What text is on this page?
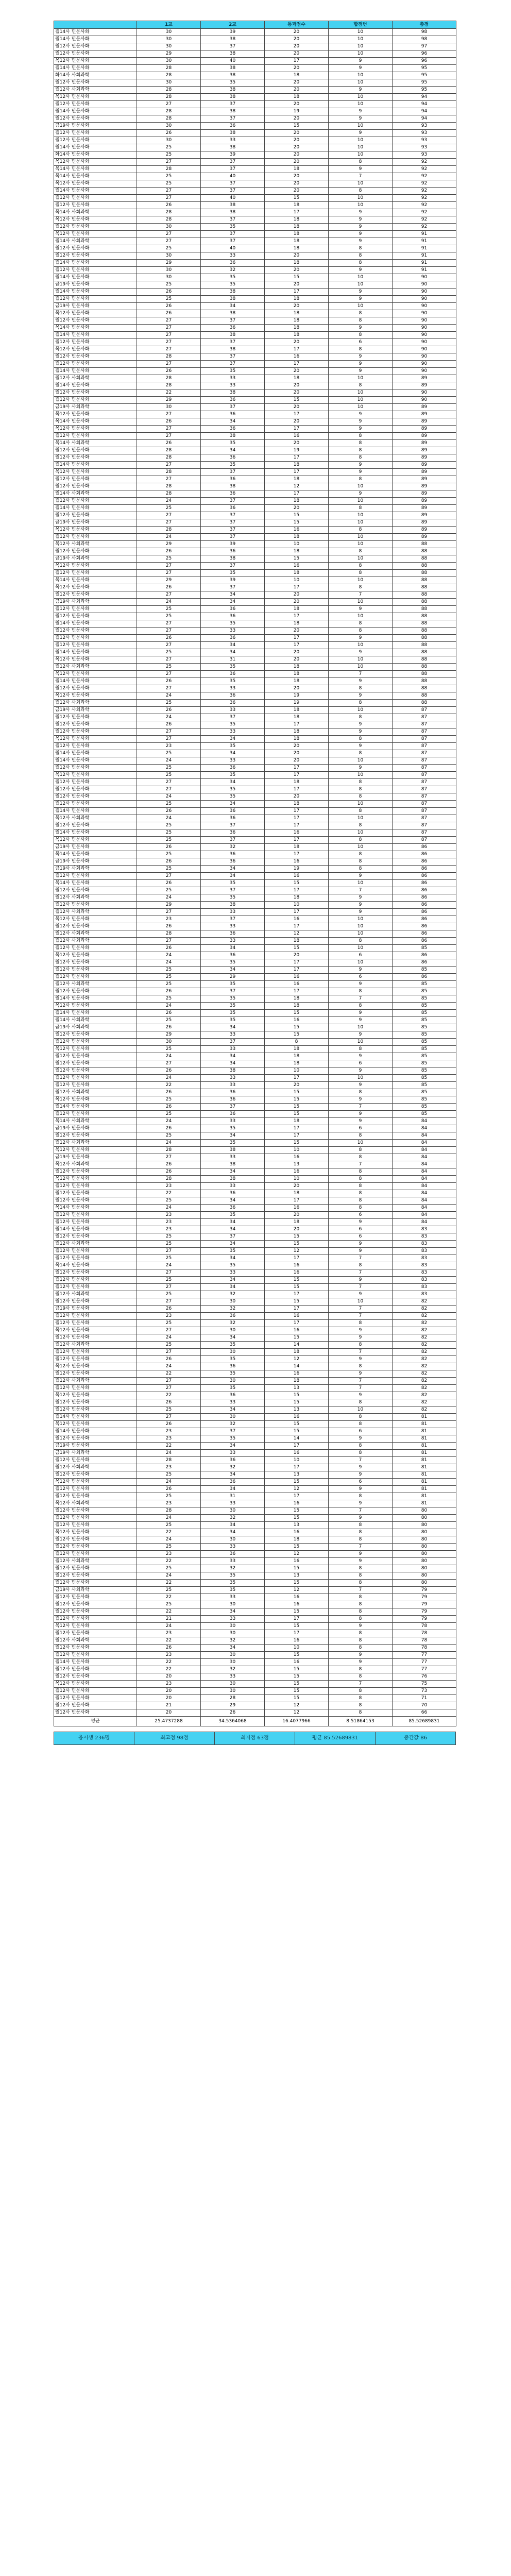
	1교	2교	통과점수	합점번	총점
월14사 민문사화	30	39	20	10	98
월14사 민문사화	30	38	20	10	98
월12사 민문사화	30	37	20	10	97
월12사 민문사화	29	38	20	10	96
목12사 민문사화	30	40	17	9	96
월14사 민문사화	28	38	20	9	95
화14사 사회과학	28	38	18	10	95
월12사 민문사화	30	35	20	10	95
월12사 사회과학	28	38	20	9	95
목12사 민문사화	28	38	18	10	94
월12사 민문사화	27	37	20	10	94
월14사 민문사화	28	38	19	9	94
월12사 민문사화	28	37	20	9	94
금19사 민문사화	30	36	15	10	93
월12사 민문사화	26	38	20	9	93
월12사 민문사화	30	33	20	10	93
월14사 민문사화	25	38	20	10	93
화14사 민문사화	25	39	20	10	93
목12사 민문사화	27	37	20	8	92
목14사 민문사화	28	37	18	9	92
목14사 민문사화	25	40	20	7	92
목12사 민문사화	25	37	20	10	92
월14사 민문사화	27	37	20	8	92
월12사 민문사화	27	40	15	10	92
월12사 민문사화	26	38	18	10	92
목14사 사회과학	28	38	17	9	92
목12사 민문사화	28	37	18	9	92
월12사 민문사화	30	35	18	9	92
목12사 민문사화	27	37	18	9	91
월14사 사회과학	27	37	18	9	91
월12사 민문사화	25	40	18	8	91
월12사 민문사화	30	33	20	8	91
월14사 민문사화	29	36	18	8	91
월12사 민문사화	30	32	20	9	91
월14사 민문사화	30	35	15	10	90
금19사 민문사화	25	35	20	10	90
월14사 민문사화	26	38	17	9	90
월12사 민문사화	25	38	18	9	90
금19사 민문사화	26	34	20	10	90
목12사 민문사화	26	38	18	8	90
월12사 민문사화	27	37	18	8	90
목14사 민문사화	27	36	18	9	90
월14사 민문사화	27	38	18	8	90
월12사 민문사화	27	37	20	6	90
목12사 민문사화	27	38	17	8	90
월12사 민문사화	28	37	16	9	90
월12사 민문사화	27	37	17	9	90
월14사 민문사화	26	35	20	9	90
월12사 사회과학	28	33	18	10	89
월14사 민문사화	28	33	20	8	89
월12사 민문사화	22	38	20	10	90
월12사 민문사화	29	36	15	10	90
금19사 사회과학	30	37	20	10	89
목12사 민문사화	27	36	17	9	89
목14사 민문사화	26	34	20	9	89
목12사 민문사화	27	36	17	9	89
월12사 민문사화	27	38	16	8	89
목14사 사회과학	26	35	20	8	89
월12사 민문사화	28	34	19	8	89
월12사 민문사화	28	36	17	8	89
월14사 민문사화	27	35	18	9	89
목12사 민문사화	28	37	17	9	89
월12사 민문사화	27	36	18	8	89
월12사 민문사화	28	38	12	10	89
월14사 사회과학	28	36	17	9	89
월12사 민문사화	24	37	18	10	89
월14사 민문사화	25	36	20	8	89
월12사 민문사화	27	37	15	10	89
금19사 민문사화	27	37	15	10	89
목12사 민문사화	28	37	16	8	89
월12사 민문사화	24	37	18	10	89
목12사 사회과학	29	39	10	10	88
월12사 민문사화	26	36	18	8	88
금19사 사회과학	25	38	15	10	88
목12사 민문사화	27	37	16	8	88
월12사 민문사화	27	35	18	8	88
목14사 민문사화	29	39	10	10	88
목12사 민문사화	26	37	17	8	88
월12사 민문사화	27	34	20	7	88
금19사 사회과학	24	34	20	10	88
월12사 민문사화	25	36	18	9	88
월12사 민문사화	25	36	17	10	88
월14사 민문사화	27	35	18	8	88
월12사 민문사화	27	33	20	8	88
월12사 민문사화	26	36	17	9	88
월12사 민문사화	27	34	17	10	88
월14사 민문사화	25	34	20	9	88
목12사 민문사화	27	31	20	10	88
월12사 사회과학	25	35	18	10	88
목12사 민문사화	27	36	18	7	88
월14사 민문사화	26	35	18	9	88
월12사 민문사화	27	33	20	8	88
목12사 민문사화	24	36	19	9	88
월12사 사회과학	25	36	19	8	88
금19사 사회과학	26	33	18	10	87
월12사 민문사화	24	37	18	8	87
월12사 민문사화	26	35	17	9	87
월12사 민문사화	27	33	18	9	87
목12사 민문사화	27	34	18	8	87
월12사 민문사화	23	35	20	9	87
월14사 민문사화	25	34	20	8	87
월14사 민문사화	24	33	20	10	87
월12사 민문사화	25	36	17	9	87
목12사 민문사화	25	35	17	10	87
월12사 민문사화	27	34	18	8	87
월12사 민문사화	27	35	17	8	87
월12사 민문사화	24	35	20	8	87
월12사 민문사화	25	34	18	10	87
월14사 민문사화	26	36	17	8	87
목12사 사회과학	24	36	17	10	87
월12사 민문사화	25	37	17	8	87
월14사 민문사화	25	36	16	10	87
목12사 민문사화	25	37	17	8	87
금19사 민문사화	26	32	18	10	86
목14사 민문사화	25	36	17	8	86
금19사 민문사화	26	36	16	8	86
금19사 사회과학	25	34	19	8	86
월12사 민문사화	27	34	16	9	86
목14사 민문사화	26	35	15	10	86
월12사 민문사화	25	37	17	7	86
월12사 사회과학	24	35	18	9	86
월12사 민문사화	29	38	10	9	86
월12사 사회과학	27	33	17	9	86
목12사 민문사화	23	37	16	10	86
월12사 민문사화	26	33	17	10	86
월12사 사회과학	28	36	12	10	86
월12사 사회과학	27	33	18	8	86
월12사 민문사화	26	34	15	10	85
목12사 민문사화	24	36	20	6	86
월12사 민문사화	24	35	17	10	86
월12사 민문사화	25	34	17	9	85
월12사 민문사화	25	29	16	6	86
월12사 사회과학	25	35	16	9	85
월12사 민문사화	26	37	17	8	85
월14사 민문사화	25	35	18	7	85
목12사 민문사화	24	35	18	8	85
월14사 민문사화	26	35	15	9	85
월14사 사회과학	25	35	16	9	85
금19사 사회과학	26	34	15	10	85
월12사 민문사화	29	33	15	9	85
월12사 민문사화	30	37	8	10	85
목12사 민문사화	25	33	18	8	85
월12사 민문사화	24	34	18	9	85
월12사 민문사화	27	34	18	6	85
월12사 민문사화	26	38	10	9	85
월12사 민문사화	24	33	17	10	85
월12사 민문사화	22	33	20	9	85
월12사 사회과학	26	36	15	8	85
목12사 민문사화	25	36	15	9	85
월14사 민문사화	26	37	15	7	85
월12사 민문사화	25	36	15	9	85
목14사 사회과학	24	33	18	9	84
금19사 민문사화	26	35	17	6	84
월12사 민문사화	25	34	17	8	84
월12사 사회과학	24	35	15	10	84
목12사 민문사화	28	38	10	8	84
금19사 민문사화	27	33	16	8	84
목12사 사회과학	26	38	13	7	84
월12사 민문사화	26	34	16	8	84
목12사 민문사화	28	38	10	8	84
월12사 민문사화	23	33	20	8	84
월12사 민문사화	22	36	18	8	84
월12사 민문사화	25	34	17	8	84
목14사 민문사화	24	36	16	8	84
월12사 민문사화	23	35	20	6	84
월12사 민문사화	23	34	18	9	84
월14사 민문사화	23	34	20	6	83
월12사 민문사화	25	37	15	6	83
월12사 사회과학	25	34	15	9	83
월12사 민문사화	27	35	12	9	83
월12사 민문사화	25	34	17	7	83
목14사 민문사화	24	35	16	8	83
월12사 민문사화	27	33	16	7	83
월12사 민문사화	25	34	15	9	83
월12사 민문사화	27	34	15	7	83
월12사 사회과학	25	32	17	9	83
월12사 민문사화	27	30	15	10	82
금19사 민문사화	26	32	17	7	82
월12사 민문사화	23	36	16	7	82
월12사 민문사화	25	32	17	8	82
목12사 민문사화	27	30	16	9	82
월12사 민문사화	24	34	15	9	82
월12사 사회과학	25	35	14	8	82
월12사 민문사화	27	30	18	7	82
월12사 민문사화	26	35	12	9	82
목12사 민문사화	24	36	14	8	82
월12사 민문사화	22	35	16	9	82
월12사 사회과학	27	30	18	7	82
월12사 민문사화	27	35	13	7	82
목12사 민문사화	22	36	15	9	82
월12사 민문사화	26	33	15	8	82
월12사 민문사화	25	34	13	10	82
월14사 민문사화	27	30	16	8	81
목12사 민문사화	26	32	15	8	81
월14사 민문사화	23	37	15	6	81
월12사 민문사화	23	35	14	9	81
금19사 민문사화	22	34	17	8	81
금19사 사회과학	24	33	16	8	81
월12사 민문사화	28	36	10	7	81
월12사 사회과학	23	32	17	9	81
월12사 민문사화	25	34	13	9	81
목12사 민문사화	24	36	15	6	81
월12사 민문사화	26	34	12	9	81
월12사 민문사화	25	31	17	8	81
목12사 사회과학	23	33	16	9	81
월12사 민문사화	28	30	15	7	80
월12사 민문사화	24	32	15	9	80
월12사 민문사화	25	34	13	8	80
목12사 민문사화	22	34	16	8	80
월12사 민문사화	24	30	18	8	80
월12사 민문사화	25	33	15	7	80
월12사 민문사화	23	36	12	9	80
월12사 사회과학	22	33	16	9	80
월12사 민문사화	25	32	15	8	80
월12사 민문사화	24	35	13	8	80
월12사 민문사화	22	35	15	8	80
금19사 사회과학	25	35	12	7	79
월12사 민문사화	22	33	16	8	79
월12사 민문사화	25	30	16	8	79
월12사 민문사화	22	34	15	8	79
월12사 민문사화	21	33	17	8	79
목12사 민문사화	24	30	15	9	78
월12사 민문사화	23	30	17	8	78
월12사 사회과학	22	32	16	8	78
월12사 민문사화	26	34	10	8	78
월12사 민문사화	23	30	15	9	77
월14사 민문사화	22	30	16	9	77
월12사 민문사화	22	32	15	8	77
월12사 민문사화	20	33	15	8	76
목12사 민문사화	23	30	15	7	75
월12사 민문사화	20	30	15	8	73
월12사 민문사화	20	28	15	8	71
월12사 민문사화	21	29	12	8	70
월12사 민문사화	20	26	12	8	66
평균	25.4737288	34.5364068	16.4077966	8.51864153	85.52689831
응시생 236명	최고점 98점	최저점 63점	평균 85.52689831	중간값 86
